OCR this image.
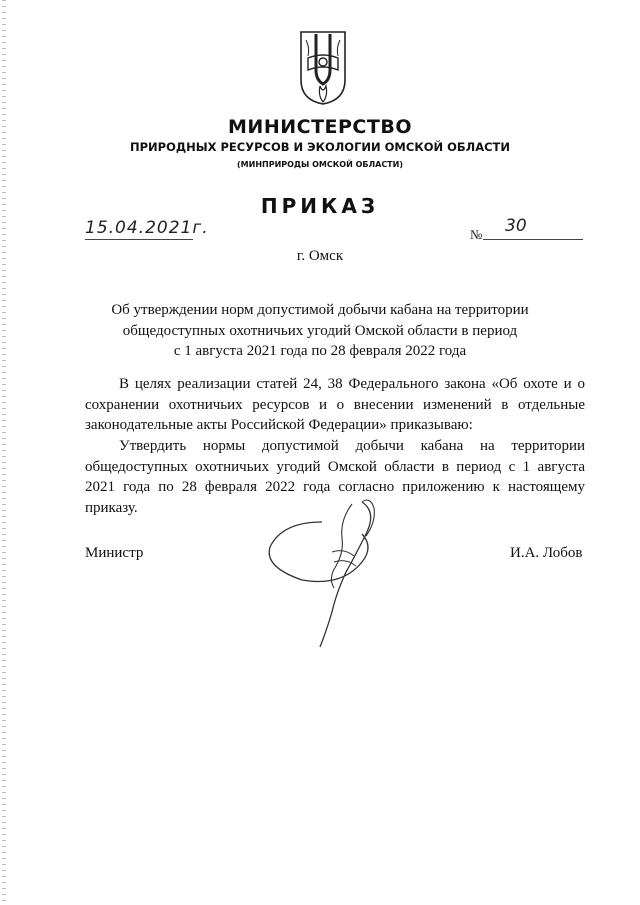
МИНИСТЕРСТВО
ПРИРОДНЫХ РЕСУРСОВ И ЭКОЛОГИИ ОМСКОЙ ОБЛАСТИ
(МИНПРИРОДЫ ОМСКОЙ ОБЛАСТИ)
ПРИКАЗ
15.04.2021г.	№ 30
г. Омск
Об утверждении норм допустимой добычи кабана на территории
общедоступных охотничьих угодий Омской области в период
с 1 августа 2021 года по 28 февраля 2022 года
В целях реализации статей 24, 38 Федерального закона «Об охоте и о сохранении охотничьих ресурсов и о внесении изменений в отдельные законодательные акты Российской Федерации» приказываю:
Утвердить нормы допустимой добычи кабана на территории общедоступных охотничьих угодий Омской области в период с 1 августа 2021 года по 28 февраля 2022 года согласно приложению к настоящему приказу.
Министр	И.А. Лобов
